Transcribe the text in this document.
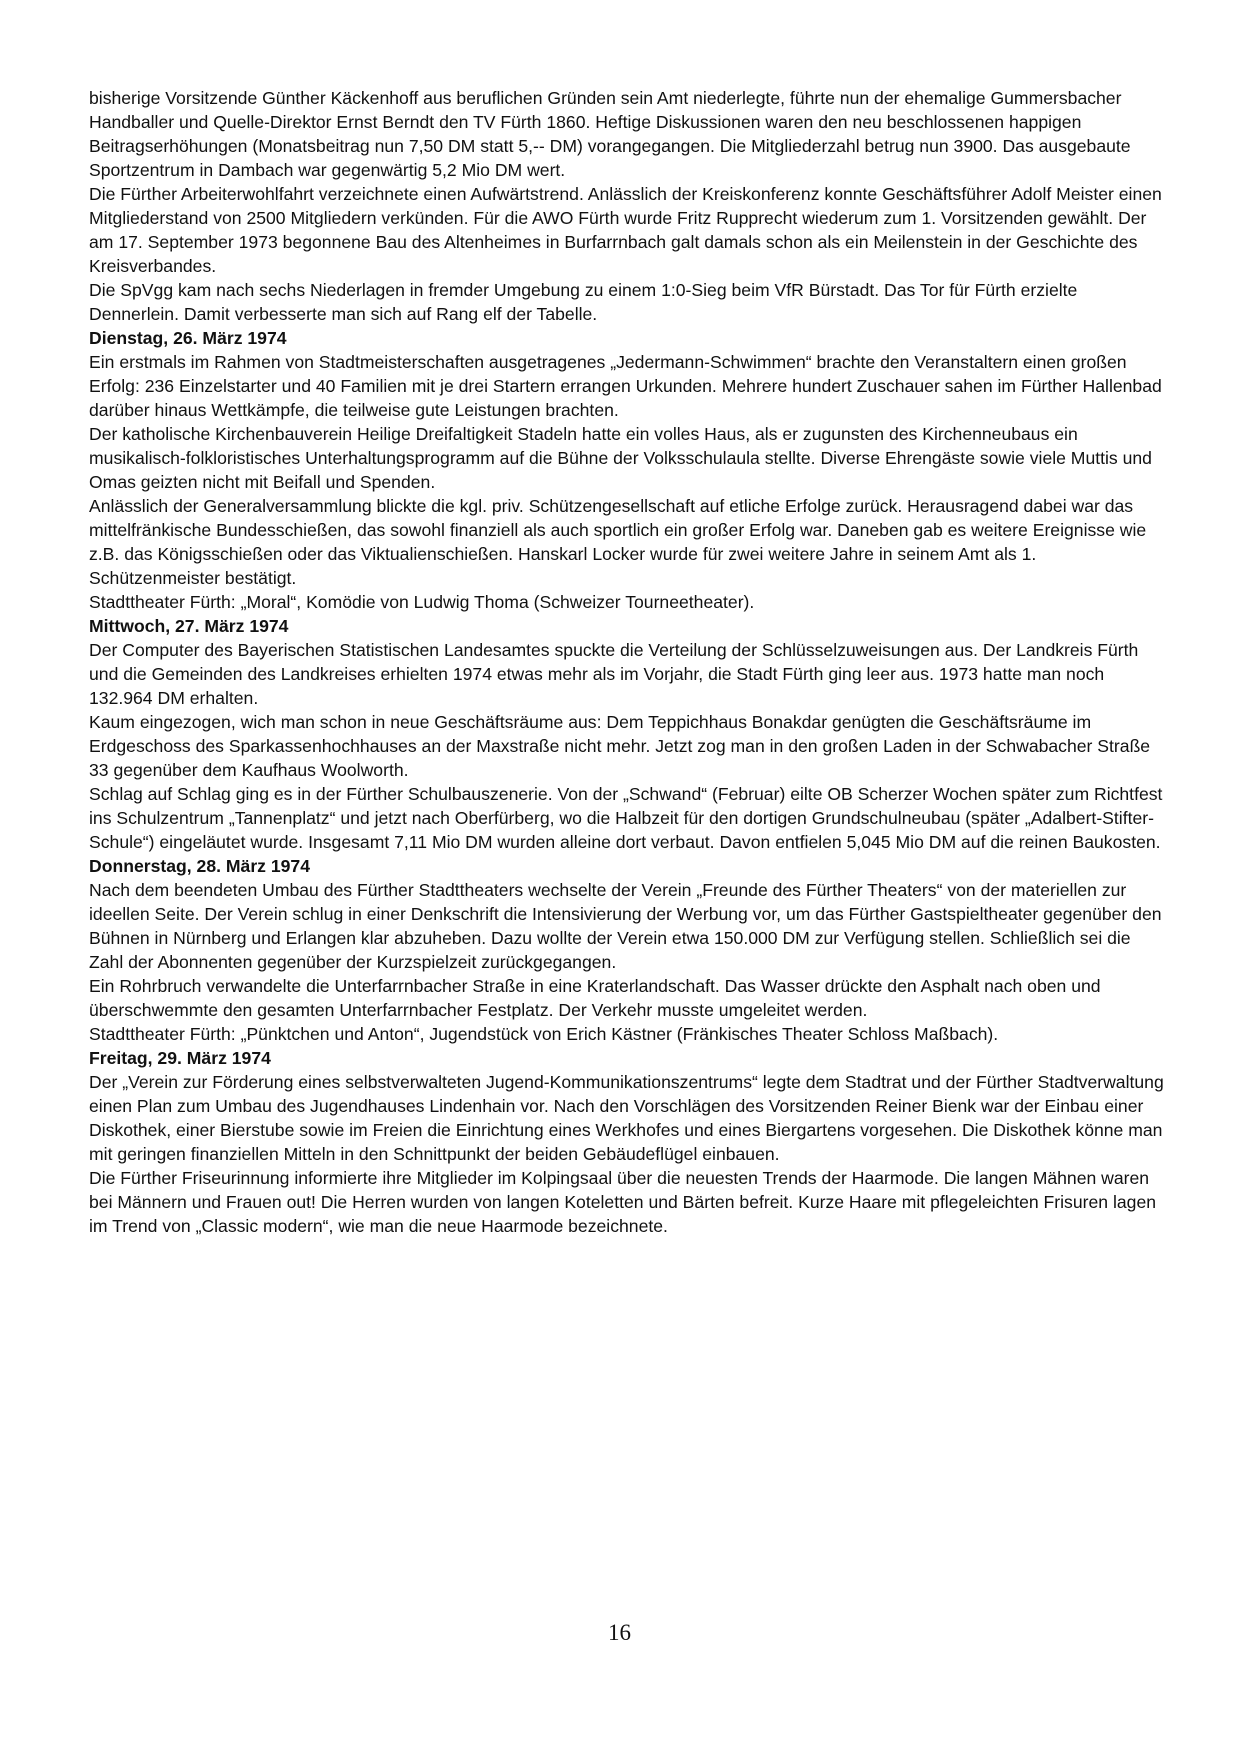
bisherige Vorsitzende Günther Käckenhoff aus beruflichen Gründen sein Amt niederlegte, führte nun der ehemalige Gummersbacher Handballer und Quelle-Direktor Ernst Berndt den TV Fürth 1860. Heftige Diskussionen waren den neu beschlossenen happigen Beitragserhöhungen (Monatsbeitrag nun 7,50 DM statt 5,-- DM) vorangegangen. Die Mitgliederzahl betrug nun 3900. Das ausgebaute Sportzentrum in Dambach war gegenwärtig 5,2 Mio DM wert.

Die Fürther Arbeiterwohlfahrt verzeichnete einen Aufwärtstrend. Anlässlich der Kreiskonferenz konnte Geschäftsführer Adolf Meister einen Mitgliederstand von 2500 Mitgliedern verkünden. Für die AWO Fürth wurde Fritz Rupprecht wiederum zum 1. Vorsitzenden gewählt. Der am 17. September 1973 begonnene Bau des Altenheimes in Burfarrnbach galt damals schon als ein Meilenstein in der Geschichte des Kreisverbandes.

Die SpVgg kam nach sechs Niederlagen in fremder Umgebung zu einem 1:0-Sieg beim VfR Bürstadt. Das Tor für Fürth erzielte Dennerlein. Damit verbesserte man sich auf Rang elf der Tabelle.

Dienstag, 26. März 1974

Ein erstmals im Rahmen von Stadtmeisterschaften ausgetragenes „Jedermann-Schwimmen“ brachte den Veranstaltern einen großen Erfolg: 236 Einzelstarter und 40 Familien mit je drei Startern errangen Urkunden. Mehrere hundert Zuschauer sahen im Fürther Hallenbad darüber hinaus Wettkämpfe, die teilweise gute Leistungen brachten.

Der katholische Kirchenbauverein Heilige Dreifaltigkeit Stadeln hatte ein volles Haus, als er zugunsten des Kirchenneubaus ein musikalisch-folkloristisches Unterhaltungsprogramm auf die Bühne der Volksschulaula stellte. Diverse Ehrengäste sowie viele Muttis und Omas geizten nicht mit Beifall und Spenden.

Anlässlich der Generalversammlung blickte die kgl. priv. Schützengesellschaft auf etliche Erfolge zurück. Herausragend dabei war das mittelfränkische Bundesschießen, das sowohl finanziell als auch sportlich ein großer Erfolg war. Daneben gab es weitere Ereignisse wie z.B. das Königsschießen oder das Viktualienschießen. Hanskarl Locker wurde für zwei weitere Jahre in seinem Amt als 1. Schützenmeister bestätigt.

Stadttheater Fürth: „Moral“, Komödie von Ludwig Thoma (Schweizer Tourneetheater).

Mittwoch, 27. März 1974

Der Computer des Bayerischen Statistischen Landesamtes spuckte die Verteilung der Schlüsselzuweisungen aus. Der Landkreis Fürth und die Gemeinden des Landkreises erhielten 1974 etwas mehr als im Vorjahr, die Stadt Fürth ging leer aus. 1973 hatte man noch 132.964 DM erhalten.

Kaum eingezogen, wich man schon in neue Geschäftsräume aus: Dem Teppichhaus Bonakdar genügten die Geschäftsräume im Erdgeschoss des Sparkassenhochhauses an der Maxstraße nicht mehr. Jetzt zog man in den großen Laden in der Schwabacher Straße 33 gegenüber dem Kaufhaus Woolworth.

Schlag auf Schlag ging es in der Fürther Schulbauszenerie. Von der „Schwand“ (Februar) eilte OB Scherzer Wochen später zum Richtfest ins Schulzentrum „Tannenplatz“ und jetzt nach Oberfürberg, wo die Halbzeit für den dortigen Grundschulneubau (später „Adalbert-Stifter-Schule“) eingeläutet wurde. Insgesamt 7,11 Mio DM wurden alleine dort verbaut. Davon entfielen 5,045 Mio DM auf die reinen Baukosten.

Donnerstag, 28. März 1974

Nach dem beendeten Umbau des Fürther Stadttheaters wechselte der Verein „Freunde des Fürther Theaters“ von der materiellen zur ideellen Seite. Der Verein schlug in einer Denkschrift die Intensivierung der Werbung vor, um das Fürther Gastspieltheater gegenüber den Bühnen in Nürnberg und Erlangen klar abzuheben. Dazu wollte der Verein etwa 150.000 DM zur Verfügung stellen. Schließlich sei die Zahl der Abonnenten gegenüber der Kurzspielzeit zurückgegangen.

Ein Rohrbruch verwandelte die Unterfarrnbacher Straße in eine Kraterlandschaft. Das Wasser drückte den Asphalt nach oben und überschwemmte den gesamten Unterfarrnbacher Festplatz. Der Verkehr musste umgeleitet werden.

Stadttheater Fürth: „Pünktchen und Anton“, Jugendstück von Erich Kästner (Fränkisches Theater Schloss Maßbach).

Freitag, 29. März 1974

Der „Verein zur Förderung eines selbstverwalteten Jugend-Kommunikationszentrums“ legte dem Stadtrat und der Fürther Stadtverwaltung einen Plan zum Umbau des Jugendhauses Lindenhain vor. Nach den Vorschlägen des Vorsitzenden Reiner Bienk war der Einbau einer Diskothek, einer Bierstube sowie im Freien die Einrichtung eines Werkhofes und eines Biergartens vorgesehen. Die Diskothek könne man mit geringen finanziellen Mitteln in den Schnittpunkt der beiden Gebäudeflügel einbauen.

Die Fürther Friseurinnung informierte ihre Mitglieder im Kolpingsaal über die neuesten Trends der Haarmode. Die langen Mähnen waren bei Männern und Frauen out! Die Herren wurden von langen Koteletten und Bärten befreit. Kurze Haare mit pflegeleichten Frisuren lagen im Trend von „Classic modern“, wie man die neue Haarmode bezeichnete.

16
